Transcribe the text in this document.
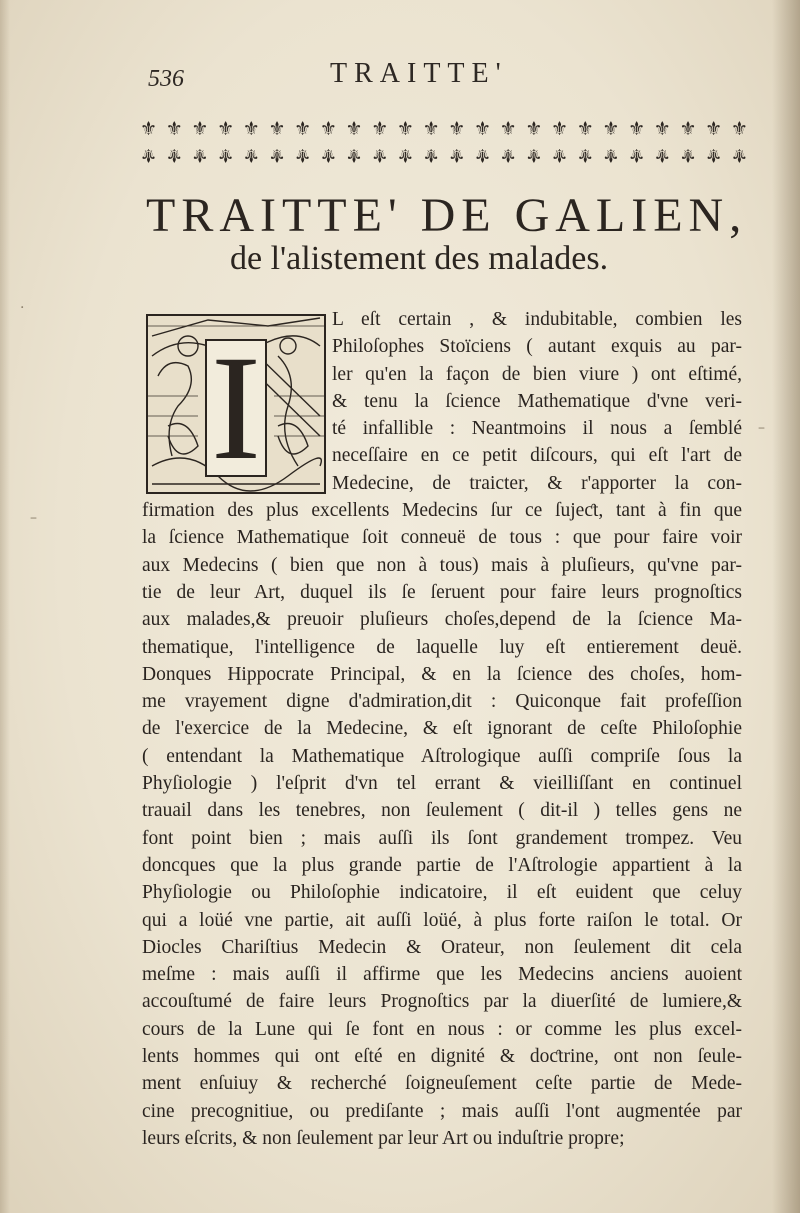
536	TRAITTE'
⚜ ⚜ ⚜ ⚜ ⚜ ⚜ ⚜ ⚜ ⚜ ⚜ ⚜ ⚜ ⚜ ⚜ ⚜ ⚜ ⚜ ⚜ ⚜ ⚜ ⚜ ⚜ ⚜ ⚜
⚜ ⚜ ⚜ ⚜ ⚜ ⚜ ⚜ ⚜ ⚜ ⚜ ⚜ ⚜ ⚜ ⚜ ⚜ ⚜ ⚜ ⚜ ⚜ ⚜ ⚜ ⚜ ⚜ ⚜
TRAITTE' DE GALIEN,
de l'aliѕtement des malades.
I
L eſt certain , & indubitable, combien les
Philoſophes Stoïciens ( autant exquis au par-
ler qu'en la façon de bien viure ) ont eſtimé,
& tenu la ſcience Mathematique d'vne veri-
té infallible : Neantmoins il nous a ſemblé
neceſſaire en ce petit diſcours, qui eſt l'art de
Medecine, de traicter, & r'apporter la con-
firmation des plus excellents Medecins ſur ce ſujeƈt, tant à fin que
la ſcience Mathematique ſoit conneuë de tous : que pour faire voir
aux Medecins ( bien que non à tous) mais à pluſieurs, qu'vne par-
tie de leur Art, duquel ils ſe ſeruent pour faire leurs prognoſtics
aux malades,& preuoir pluſieurs choſes,depend de la ſcience Ma-
thematique, l'intelligence de laquelle luy eſt entierement deuë.
Donques Hippocrate Principal, & en la ſcience des choſes, hom-
me vrayement digne d'admiration,dit : Quiconque fait profeſſion
de l'exercice de la Medecine, & eſt ignorant de ceſte Philoſophie
( entendant la Mathematique Aſtrologique auſſi compriſe ſous la
Phyſiologie ) l'eſprit d'vn tel errant & vieilliſſant en continuel
trauail dans les tenebres, non ſeulement ( dit-il ) telles gens ne
font point bien ; mais auſſi ils ſont grandement trompez. Veu
doncques que la plus grande partie de l'Aſtrologie appartient à la
Phyſiologie ou Philoſophie indicatoire, il eſt euident que celuy
qui a loüé vne partie, ait auſſi loüé, à plus forte raiſon le total. Or
Diocles Chariſtius Medecin & Orateur, non ſeulement dit cela
meſme : mais auſſi il affirme que les Medecins anciens auoient
accouſtumé de faire leurs Prognoſtics par la diuerſité de lumiere,&
cours de la Lune qui ſe font en nous : or comme les plus excel-
lents hommes qui ont eſté en dignité & doƈtrine, ont non ſeule-
ment enſuiuy & recherché ſoigneuſement ceſte partie de Mede-
cine precognitiue, ou prediſante ; mais auſſi l'ont augmentée par
leurs eſcrits, & non ſeulement par leur Art ou induſtrie propre;
·
–
–
